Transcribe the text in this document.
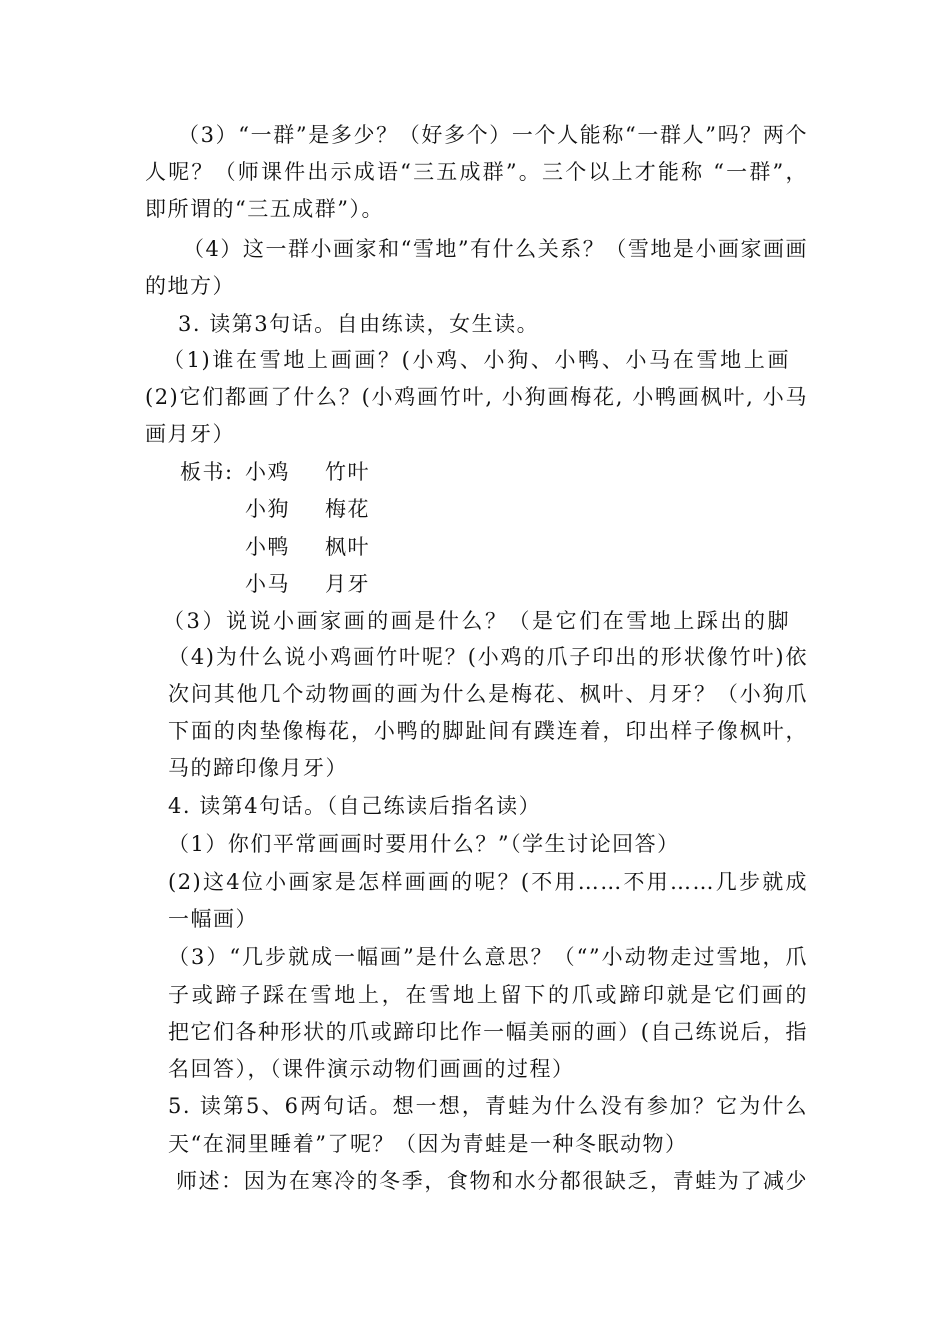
（3）“一群”是多少？（好多个）一个人能称“一群人”吗？两个
人呢？（师课件出示成语“三五成群”。三个以上才能称 “一群”，
即所谓的“三五成群”）。
（4）这一群小画家和“雪地”有什么关系？（雪地是小画家画画
的地方）
3. 读第3句话。自由练读，女生读。
（1)谁在雪地上画画？(小鸡、小狗、小鸭、小马在雪地上画
(2)它们都画了什么？(小鸡画竹叶, 小狗画梅花, 小鸭画枫叶, 小马
画月牙）
板书: 小鸡 竹叶
小狗 梅花
小鸭 枫叶
小马 月牙
（3）说说小画家画的画是什么？（是它们在雪地上踩出的脚
（4)为什么说小鸡画竹叶呢？(小鸡的爪子印出的形状像竹叶)依
次问其他几个动物画的画为什么是梅花、枫叶、月牙？（小狗爪
下面的肉垫像梅花，小鸭的脚趾间有蹼连着，印出样子像枫叶，
马的蹄印像月牙）
4. 读第4句话。（自己练读后指名读）
（1）你们平常画画时要用什么？”（学生讨论回答）
(2)这4位小画家是怎样画画的呢？(不用……不用……几步就成
一幅画）
（3）“几步就成一幅画”是什么意思？（“”小动物走过雪地，爪
子或蹄子踩在雪地上，在雪地上留下的爪或蹄印就是它们画的
把它们各种形状的爪或蹄印比作一幅美丽的画）(自己练说后，指
名回答），（课件演示动物们画画的过程）
5. 读第5、6两句话。想一想，青蛙为什么没有参加？它为什么
天“在洞里睡着”了呢？（因为青蛙是一种冬眠动物）
师述：因为在寒冷的冬季，食物和水分都很缺乏，青蛙为了减少
